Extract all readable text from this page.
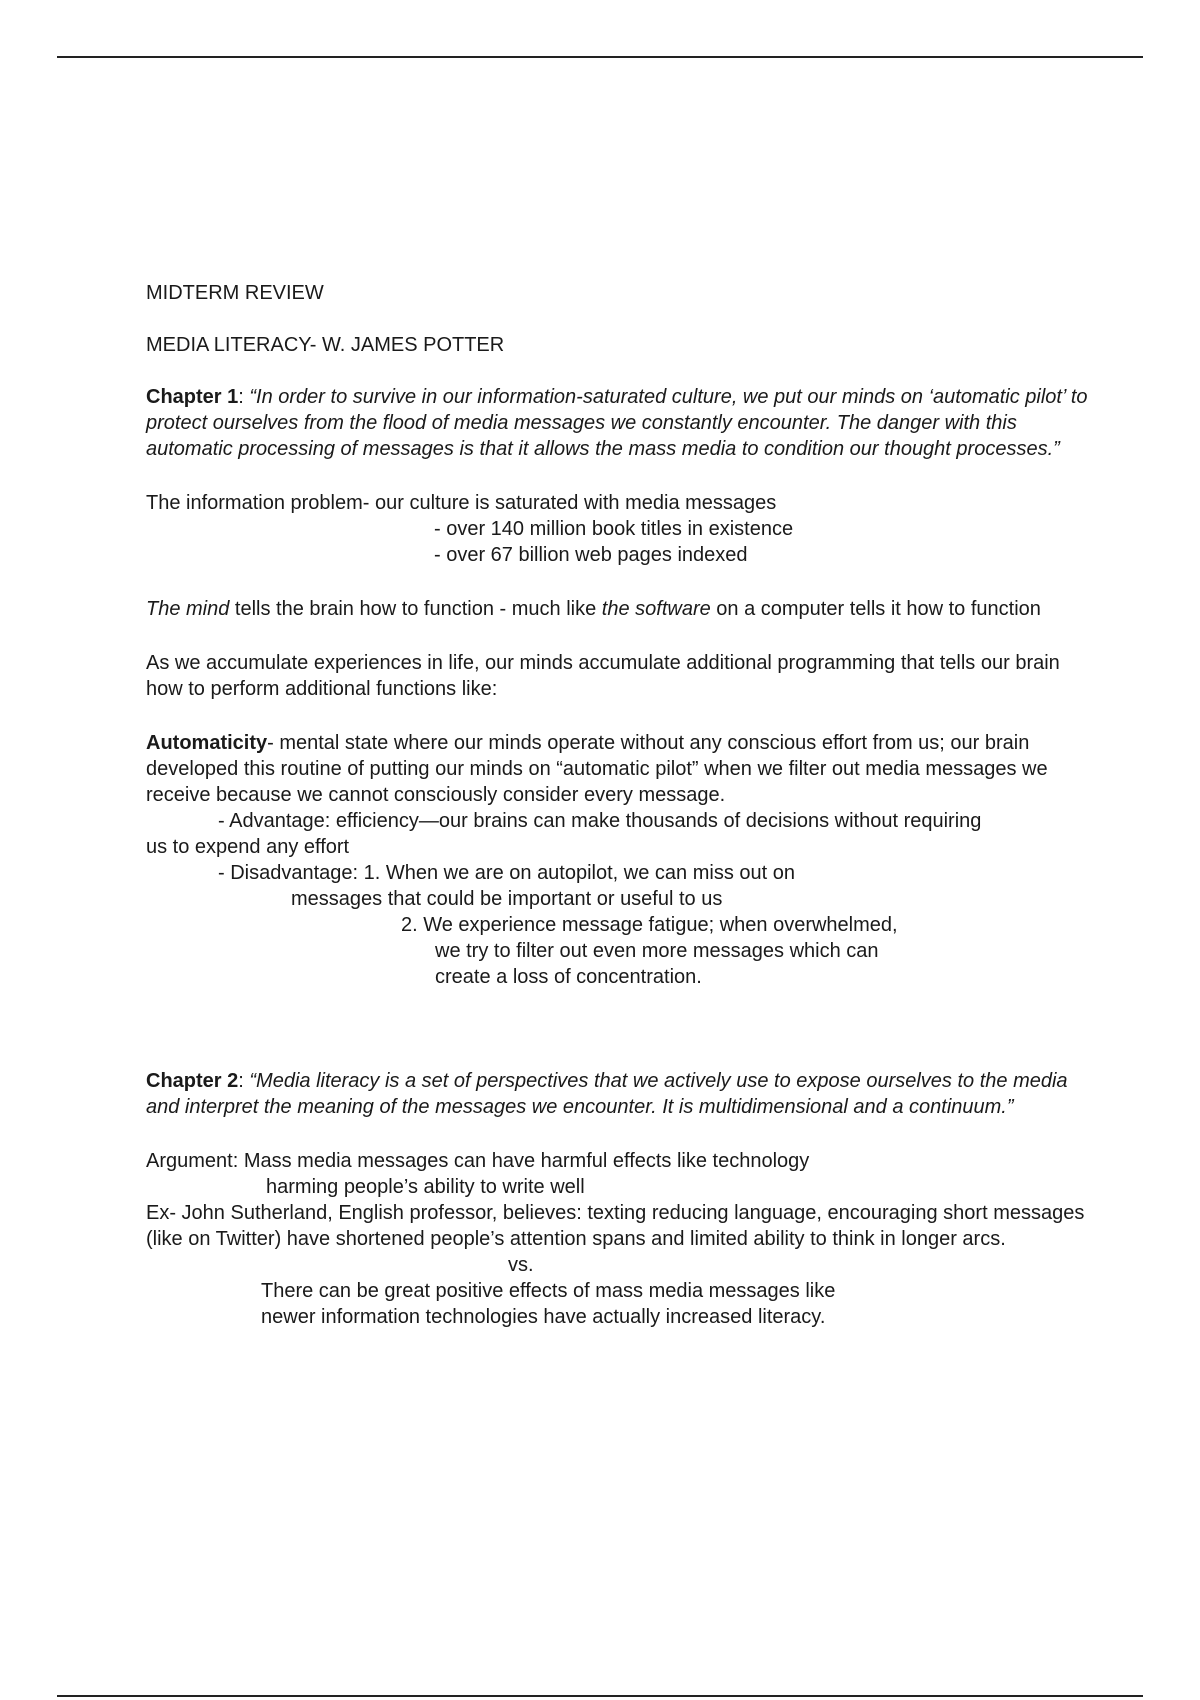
MIDTERM REVIEW

MEDIA LITERACY- W. JAMES POTTER

Chapter 1: “In order to survive in our information-saturated culture, we put our minds on ‘automatic pilot’ to protect ourselves from the flood of media messages we constantly encounter. The danger with this automatic processing of messages is that it allows the mass media to condition our thought processes.”

The information problem- our culture is saturated with media messages
- over 140 million book titles in existence
- over 67 billion web pages indexed

The mind tells the brain how to function - much like the software on a computer tells it how to function

As we accumulate experiences in life, our minds accumulate additional programming that tells our brain how to perform additional functions like:

Automaticity- mental state where our minds operate without any conscious effort from us; our brain developed this routine of putting our minds on “automatic pilot” when we filter out media messages we receive because we cannot consciously consider every message.
- Advantage: efficiency—our brains can make thousands of decisions without requiring
us to expend any effort
- Disadvantage: 1. When we are on autopilot, we can miss out on
messages that could be important or useful to us
2. We experience message fatigue; when overwhelmed,
we try to filter out even more messages which can
create a loss of concentration.

Chapter 2: “Media literacy is a set of perspectives that we actively use to expose ourselves to the media and interpret the meaning of the messages we encounter. It is multidimensional and a continuum.”

Argument: Mass media messages can have harmful effects like technology
harming people’s ability to write well
Ex- John Sutherland, English professor, believes: texting reducing language, encouraging short messages (like on Twitter) have shortened people’s attention spans and limited ability to think in longer arcs.
vs.
There can be great positive effects of mass media messages like
newer information technologies have actually increased literacy.
